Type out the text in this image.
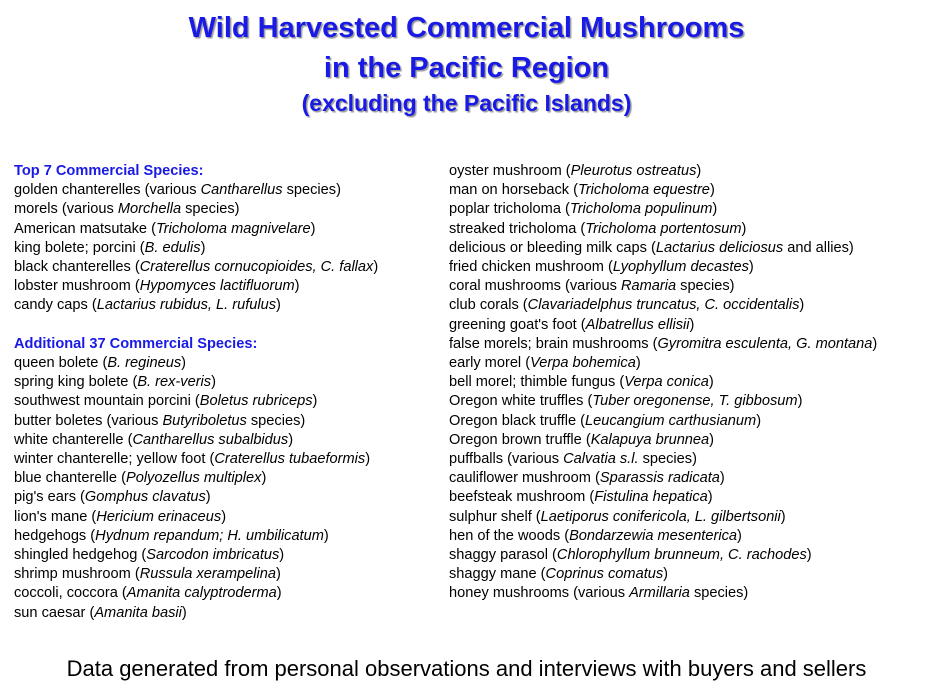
Wild Harvested Commercial Mushrooms
in the Pacific Region
(excluding the Pacific Islands)
Top 7 Commercial Species:
golden chanterelles (various Cantharellus species)
morels (various Morchella species)
American matsutake (Tricholoma magnivelare)
king bolete; porcini (B. edulis)
black chanterelles (Craterellus cornucopioides, C. fallax)
lobster mushroom (Hypomyces lactifluorum)
candy caps (Lactarius rubidus, L. rufulus)
Additional 37 Commercial Species:
queen bolete (B. regineus)
spring king bolete (B. rex-veris)
southwest mountain porcini (Boletus rubriceps)
butter boletes (various Butyriboletus species)
white chanterelle (Cantharellus subalbidus)
winter chanterelle; yellow foot (Craterellus tubaeformis)
blue chanterelle (Polyozellus multiplex)
pig's ears (Gomphus clavatus)
lion's mane (Hericium erinaceus)
hedgehogs (Hydnum repandum; H. umbilicatum)
shingled hedgehog (Sarcodon imbricatus)
shrimp mushroom (Russula xerampelina)
coccoli, coccora (Amanita calyptroderma)
sun caesar (Amanita basii)
oyster mushroom (Pleurotus ostreatus)
man on horseback (Tricholoma equestre)
poplar tricholoma (Tricholoma populinum)
streaked tricholoma (Tricholoma portentosum)
delicious or bleeding milk caps (Lactarius deliciosus and allies)
fried chicken mushroom (Lyophyllum decastes)
coral mushrooms (various Ramaria species)
club corals (Clavariadelphus truncatus, C. occidentalis)
greening goat's foot (Albatrellus ellisii)
false morels; brain mushrooms (Gyromitra esculenta, G. montana)
early morel (Verpa bohemica)
bell morel; thimble fungus (Verpa conica)
Oregon white truffles (Tuber oregonense, T. gibbosum)
Oregon black truffle (Leucangium carthusianum)
Oregon brown truffle (Kalapuya brunnea)
puffballs (various Calvatia s.l. species)
cauliflower mushroom (Sparassis radicata)
beefsteak mushroom (Fistulina hepatica)
sulphur shelf (Laetiporus conifericola, L. gilbertsonii)
hen of the woods (Bondarzewia mesenterica)
shaggy parasol (Chlorophyllum brunneum, C. rachodes)
shaggy mane (Coprinus comatus)
honey mushrooms (various Armillaria species)
Data generated from personal observations and interviews with buyers and sellers
